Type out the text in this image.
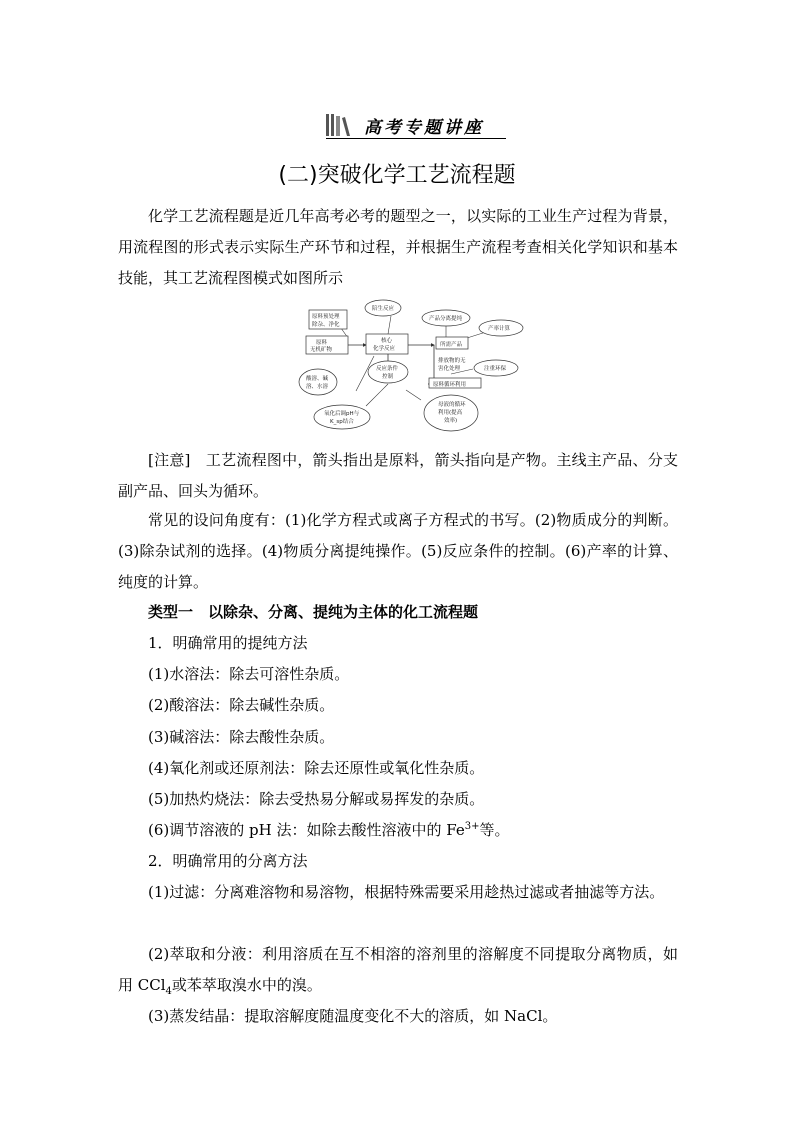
高考专题讲座
(二)突破化学工艺流程题
化学工艺流程题是近几年高考必考的题型之一，以实际的工业生产过程为背景，用流程图的形式表示实际生产环节和过程，并根据生产流程考查相关化学知识和基本技能，其工艺流程图模式如图所示
原料预处理
除杂、净化
原料
无机矿物
核心
化学反应
所需产品
原料循环利用
陪生反应
产品分离提纯
产率计算
酸溶、碱
溶、水溶
反应条件
控制
排放物的无
害化处理	注重环保
氧化后调pH与
K_sp结合
母液的循环
利用(提高
效率)
[注意]　 工艺流程图中，箭头指出是原料，箭头指向是产物。主线主产品、分支副产品、回头为循环。
常见的设问角度有：(1)化学方程式或离子方程式的书写。(2)物质成分的判断。(3)除杂试剂的选择。(4)物质分离提纯操作。(5)反应条件的控制。(6)产率的计算、纯度的计算。
类型一　以除杂、分离、提纯为主体的化工流程题
1．明确常用的提纯方法
(1)水溶法：除去可溶性杂质。
(2)酸溶法：除去碱性杂质。
(3)碱溶法：除去酸性杂质。
(4)氧化剂或还原剂法：除去还原性或氧化性杂质。
(5)加热灼烧法：除去受热易分解或易挥发的杂质。
(6)调节溶液的 pH 法：如除去酸性溶液中的 $Fe^{3+}$等。
2．明确常用的分离方法
(1)过滤：分离难溶物和易溶物，根据特殊需要采用趁热过滤或者抽滤等方法。
(2)萃取和分液：利用溶质在互不相溶的溶剂里的溶解度不同提取分离物质，如用 CCl$_4$或苯萃取溴水中的溴。
(3)蒸发结晶：提取溶解度随温度变化不大的溶质，如 NaCl。
